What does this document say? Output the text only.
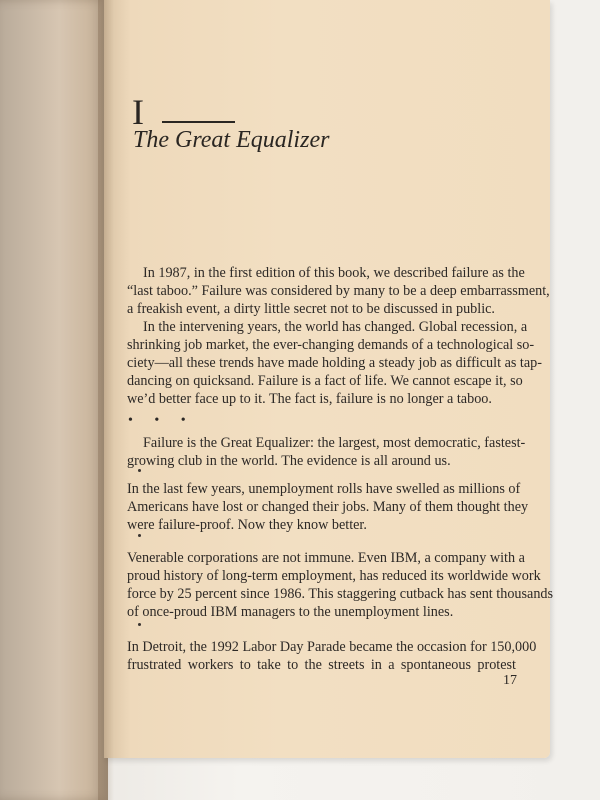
I
The Great Equalizer
In 1987, in the first edition of this book, we described failure as the
“last taboo.” Failure was considered by many to be a deep embarrassment,
a freakish event, a dirty little secret not to be discussed in public.
In the intervening years, the world has changed. Global recession, a
shrinking job market, the ever-changing demands of a technological so-
ciety—all these trends have made holding a steady job as difficult as tap-
dancing on quicksand. Failure is a fact of life. We cannot escape it, so
we’d better face up to it. The fact is, failure is no longer a taboo.
• • •
Failure is the Great Equalizer: the largest, most democratic, fastest-
growing club in the world. The evidence is all around us.
In the last few years, unemployment rolls have swelled as millions of
Americans have lost or changed their jobs. Many of them thought they
were failure-proof. Now they know better.
Venerable corporations are not immune. Even IBM, a company with a
proud history of long-term employment, has reduced its worldwide work
force by 25 percent since 1986. This staggering cutback has sent thousands
of once-proud IBM managers to the unemployment lines.
In Detroit, the 1992 Labor Day Parade became the occasion for 150,000
frustrated workers to take to the streets in a spontaneous protest
17
